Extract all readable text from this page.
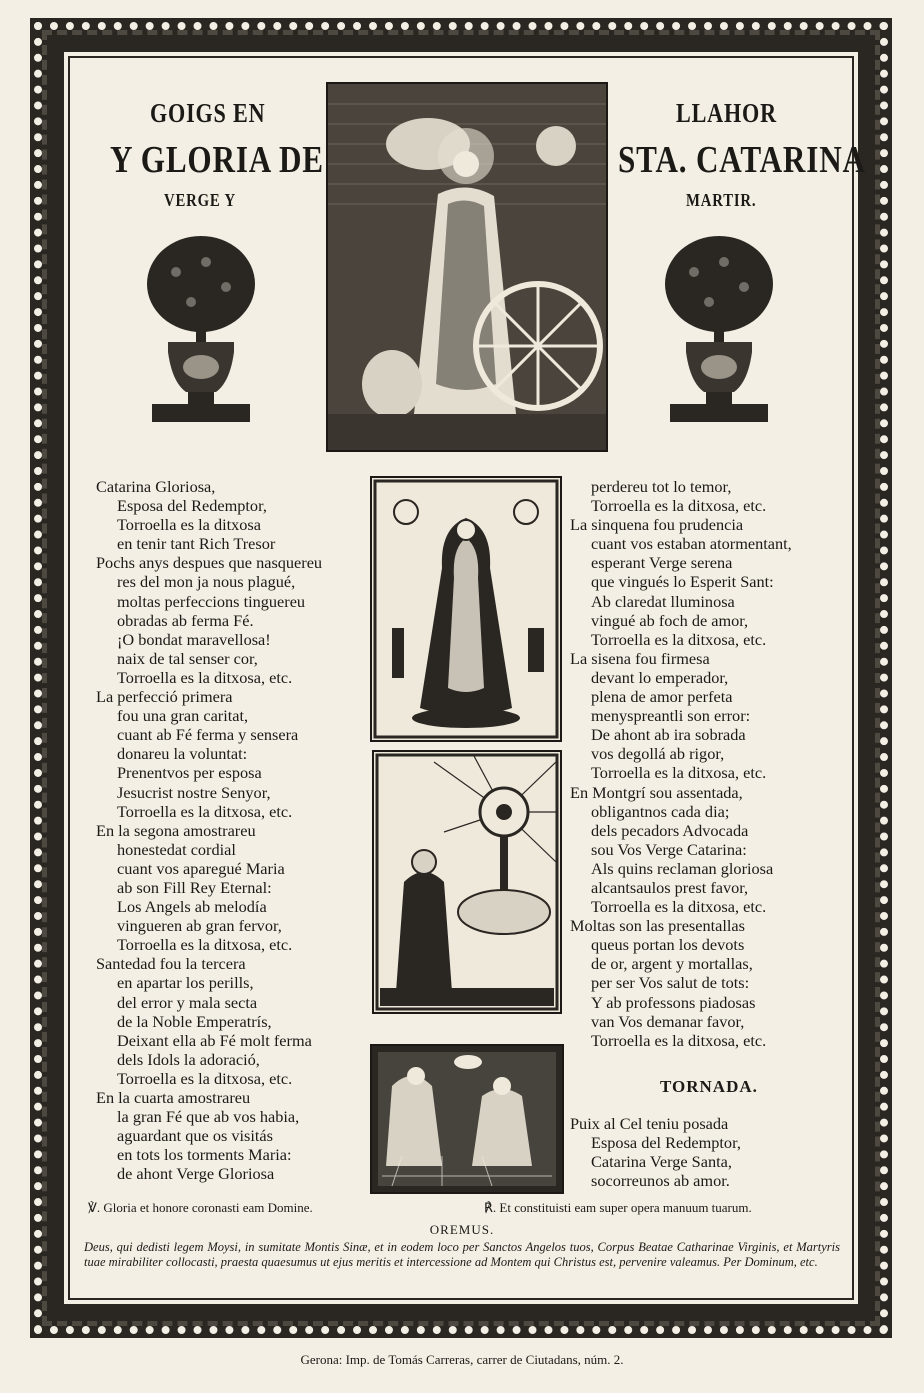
GOIGS EN
Y GLORIA DE
VERGE Y
LLAHOR
STA. CATARINA
MARTIR.
Catarina Gloriosa,
Esposa del Redemptor,
Torroella es la ditxosa
en tenir tant Rich Tresor
Pochs anys despues que nasquereu
res del mon ja nous plagué,
moltas perfeccions tinguereu
obradas ab ferma Fé.
¡O bondat maravellosa!
naix de tal senser cor,
Torroella es la ditxosa, etc.
La perfecció primera
fou una gran caritat,
cuant ab Fé ferma y sensera
donareu la voluntat:
Prenentvos per esposa
Jesucrist nostre Senyor,
Torroella es la ditxosa, etc.
En la segona amostrareu
honestedat cordial
cuant vos aparegué Maria
ab son Fill Rey Eternal:
Los Angels ab melodía
vingueren ab gran fervor,
Torroella es la ditxosa, etc.
Santedad fou la tercera
en apartar los perills,
del error y mala secta
de la Noble Emperatrís,
Deixant ella ab Fé molt ferma
dels Idols la adoració,
Torroella es la ditxosa, etc.
En la cuarta amostrareu
la gran Fé que ab vos habia,
aguardant que os visitás
en tots los torments Maria:
de ahont Verge Gloriosa
perdereu tot lo temor,
Torroella es la ditxosa, etc.
La sinquena fou prudencia
cuant vos estaban atormentant,
esperant Verge serena
que vingués lo Esperit Sant:
Ab claredat lluminosa
vingué ab foch de amor,
Torroella es la ditxosa, etc.
La sisena fou firmesa
devant lo emperador,
plena de amor perfeta
menyspreantli son error:
De ahont ab ira sobrada
vos degollá ab rigor,
Torroella es la ditxosa, etc.
En Montgrí sou assentada,
obligantnos cada dia;
dels pecadors Advocada
sou Vos Verge Catarina:
Als quins reclaman gloriosa
alcantsaulos prest favor,
Torroella es la ditxosa, etc.
Moltas son las presentallas
queus portan los devots
de or, argent y mortallas,
per ser Vos salut de tots:
Y ab professons piadosas
van Vos demanar favor,
Torroella es la ditxosa, etc.
TORNADA.
Puix al Cel teniu posada
Esposa del Redemptor,
Catarina Verge Santa,
socorreunos ab amor.
℣. Gloria et honore coronasti eam Domine.	℟. Et constituisti eam super opera manuum tuarum.
OREMUS.
Deus, qui dedisti legem Moysi, in sumitate Montis Sinæ, et in eodem loco per Sanctos Angelos tuos, Corpus Beatae Catharinae Virginis, et Martyris tuae mirabiliter collocasti, praesta quaesumus ut ejus meritis et intercessione ad Montem qui Christus est, pervenire valeamus. Per Dominum, etc.
Gerona: Imp. de Tomás Carreras, carrer de Ciutadans, núm. 2.
